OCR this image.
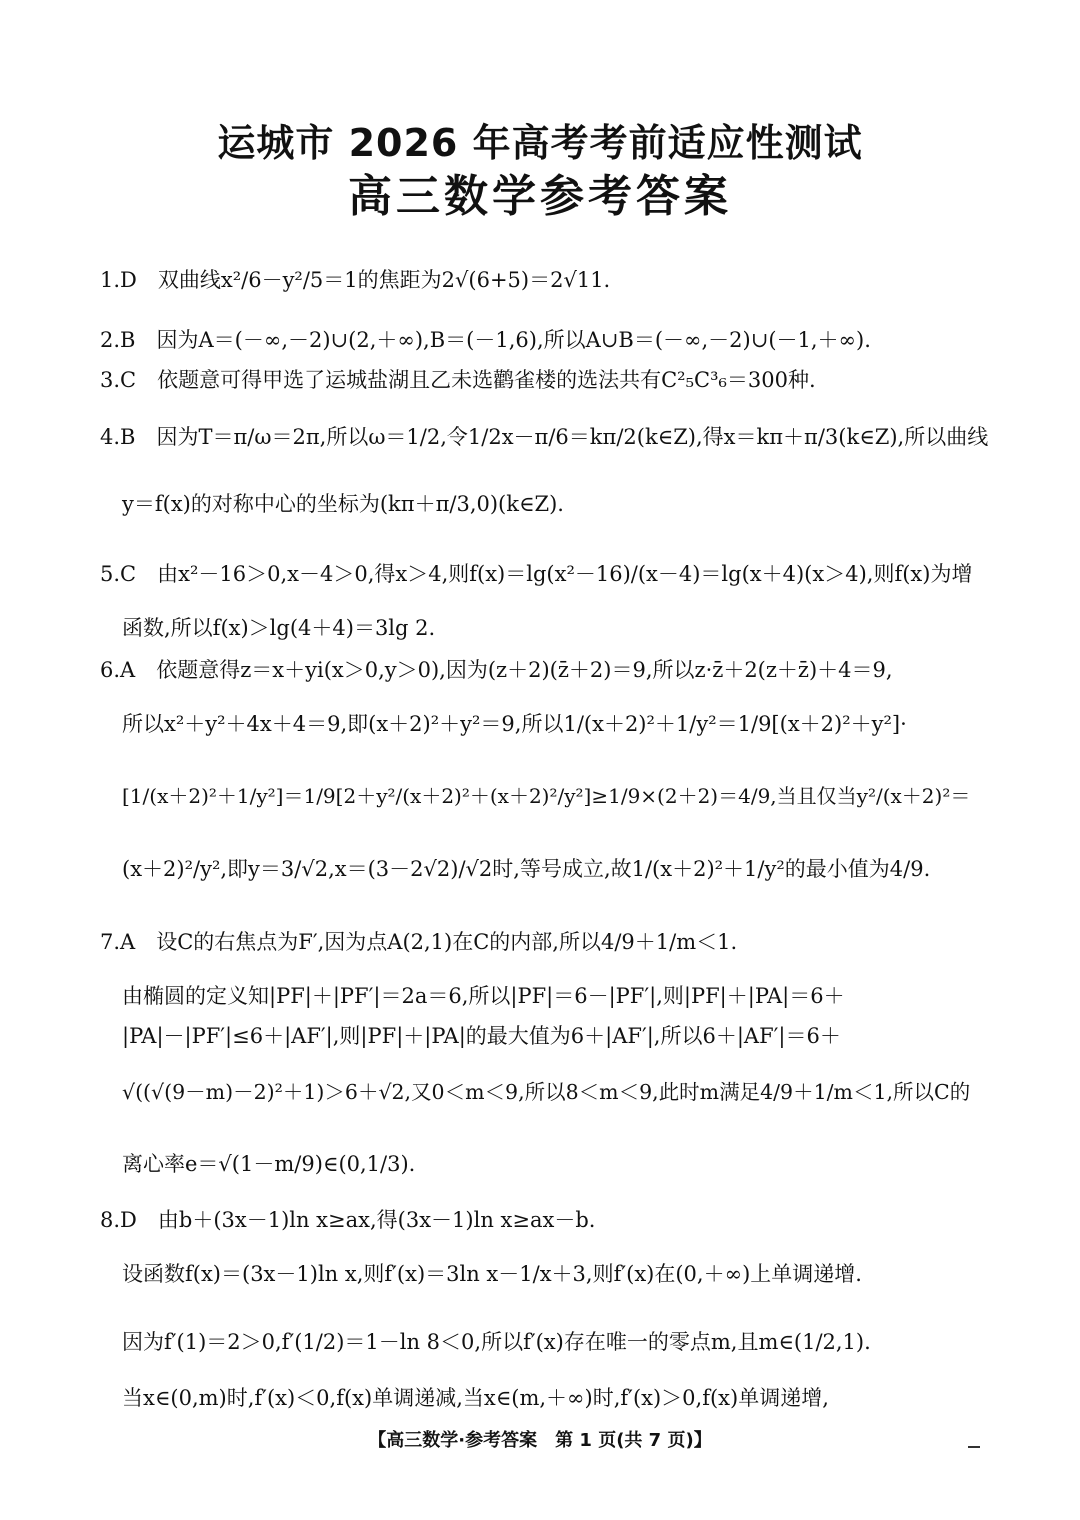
运城市 2026 年高考考前适应性测试
高三数学参考答案
1.D　双曲线x²/6－y²/5＝1的焦距为2√(6+5)＝2√11.
2.B　因为A＝(－∞,－2)∪(2,＋∞),B＝(－1,6),所以A∪B＝(－∞,－2)∪(－1,＋∞).
3.C　依题意可得甲选了运城盐湖且乙未选鹳雀楼的选法共有C²₅C³₆＝300种.
4.B　因为T＝π/ω＝2π,所以ω＝1/2,令1/2x－π/6＝kπ/2(k∈Z),得x＝kπ＋π/3(k∈Z),所以曲线
y＝f(x)的对称中心的坐标为(kπ＋π/3,0)(k∈Z).
5.C　由x²－16＞0,x－4＞0,得x＞4,则f(x)＝lg(x²－16)/(x－4)＝lg(x＋4)(x＞4),则f(x)为增
函数,所以f(x)＞lg(4＋4)＝3lg 2.
6.A　依题意得z＝x＋yi(x＞0,y＞0),因为(z＋2)(z̄＋2)＝9,所以z·z̄＋2(z＋z̄)＋4＝9,
所以x²＋y²＋4x＋4＝9,即(x＋2)²＋y²＝9,所以1/(x＋2)²＋1/y²＝1/9[(x＋2)²＋y²]·
[1/(x＋2)²＋1/y²]＝1/9[2＋y²/(x＋2)²＋(x＋2)²/y²]≥1/9×(2＋2)＝4/9,当且仅当y²/(x＋2)²＝
(x＋2)²/y²,即y＝3/√2,x＝(3－2√2)/√2时,等号成立,故1/(x＋2)²＋1/y²的最小值为4/9.
7.A　设C的右焦点为F′,因为点A(2,1)在C的内部,所以4/9＋1/m＜1.
由椭圆的定义知|PF|＋|PF′|＝2a＝6,所以|PF|＝6－|PF′|,则|PF|＋|PA|＝6＋
|PA|－|PF′|≤6＋|AF′|,则|PF|＋|PA|的最大值为6＋|AF′|,所以6＋|AF′|＝6＋
√((√(9－m)－2)²＋1)＞6＋√2,又0＜m＜9,所以8＜m＜9,此时m满足4/9＋1/m＜1,所以C的
离心率e＝√(1－m/9)∈(0,1/3).
8.D　由b＋(3x－1)ln x≥ax,得(3x－1)ln x≥ax－b.
设函数f(x)＝(3x－1)ln x,则f′(x)＝3ln x－1/x＋3,则f′(x)在(0,＋∞)上单调递增.
因为f′(1)＝2＞0,f′(1/2)＝1－ln 8＜0,所以f′(x)存在唯一的零点m,且m∈(1/2,1).
当x∈(0,m)时,f′(x)＜0,f(x)单调递减,当x∈(m,＋∞)时,f′(x)＞0,f(x)单调递增,
【高三数学·参考答案　第 1 页(共 7 页)】
